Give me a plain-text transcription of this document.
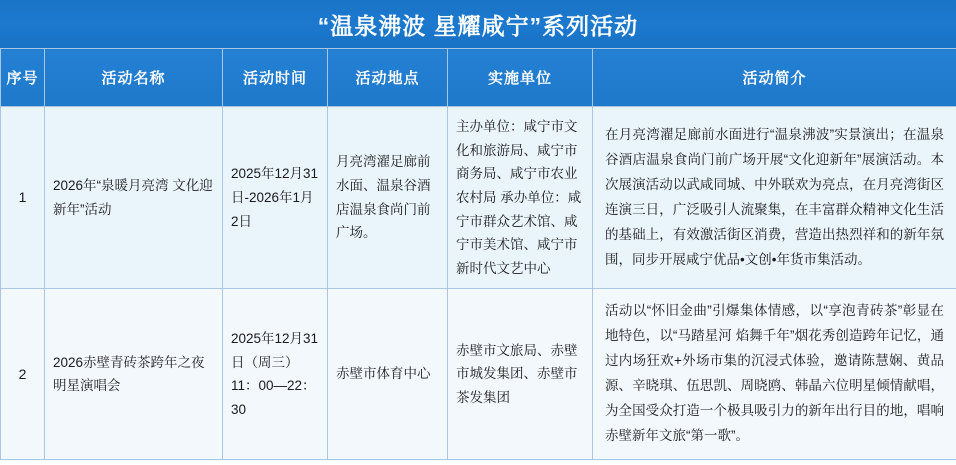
“温泉沸波 星耀咸宁”系列活动
序号	活动名称	活动时间	活动地点	实施单位	活动简介
1	2026年“泉暖月亮湾 文化迎新年”活动	2025年12月31日-2026年1月2日	月亮湾濯足廊前水面、温泉谷酒店温泉食尚门前广场。	主办单位：咸宁市文化和旅游局、咸宁市商务局、咸宁市农业农村局 承办单位：咸宁市群众艺术馆、咸宁市美术馆、咸宁市新时代文艺中心	在月亮湾濯足廊前水面进行“温泉沸波”实景演出；在温泉谷酒店温泉食尚门前广场开展“文化迎新年”展演活动。本次展演活动以武咸同城、中外联欢为亮点，在月亮湾街区连演三日，广泛吸引人流聚集，在丰富群众精神文化生活的基础上，有效激活街区消费，营造出热烈祥和的新年氛围，同步开展咸宁优品•文创•年货市集活动。
2	2026赤壁青砖茶跨年之夜明星演唱会	2025年12月31日（周三）11：00—22：30	赤壁市体育中心	赤壁市文旅局、赤壁市城发集团、赤壁市茶发集团	活动以“怀旧金曲”引爆集体情感，以“享泡青砖茶”彰显在地特色，以“马踏星河 焰舞千年”烟花秀创造跨年记忆，通过内场狂欢+外场市集的沉浸式体验，邀请陈慧娴、黄品源、辛晓琪、伍思凯、周晓鸥、韩晶六位明星倾情献唱，为全国受众打造一个极具吸引力的新年出行目的地，唱响赤壁新年文旅“第一歌”。
